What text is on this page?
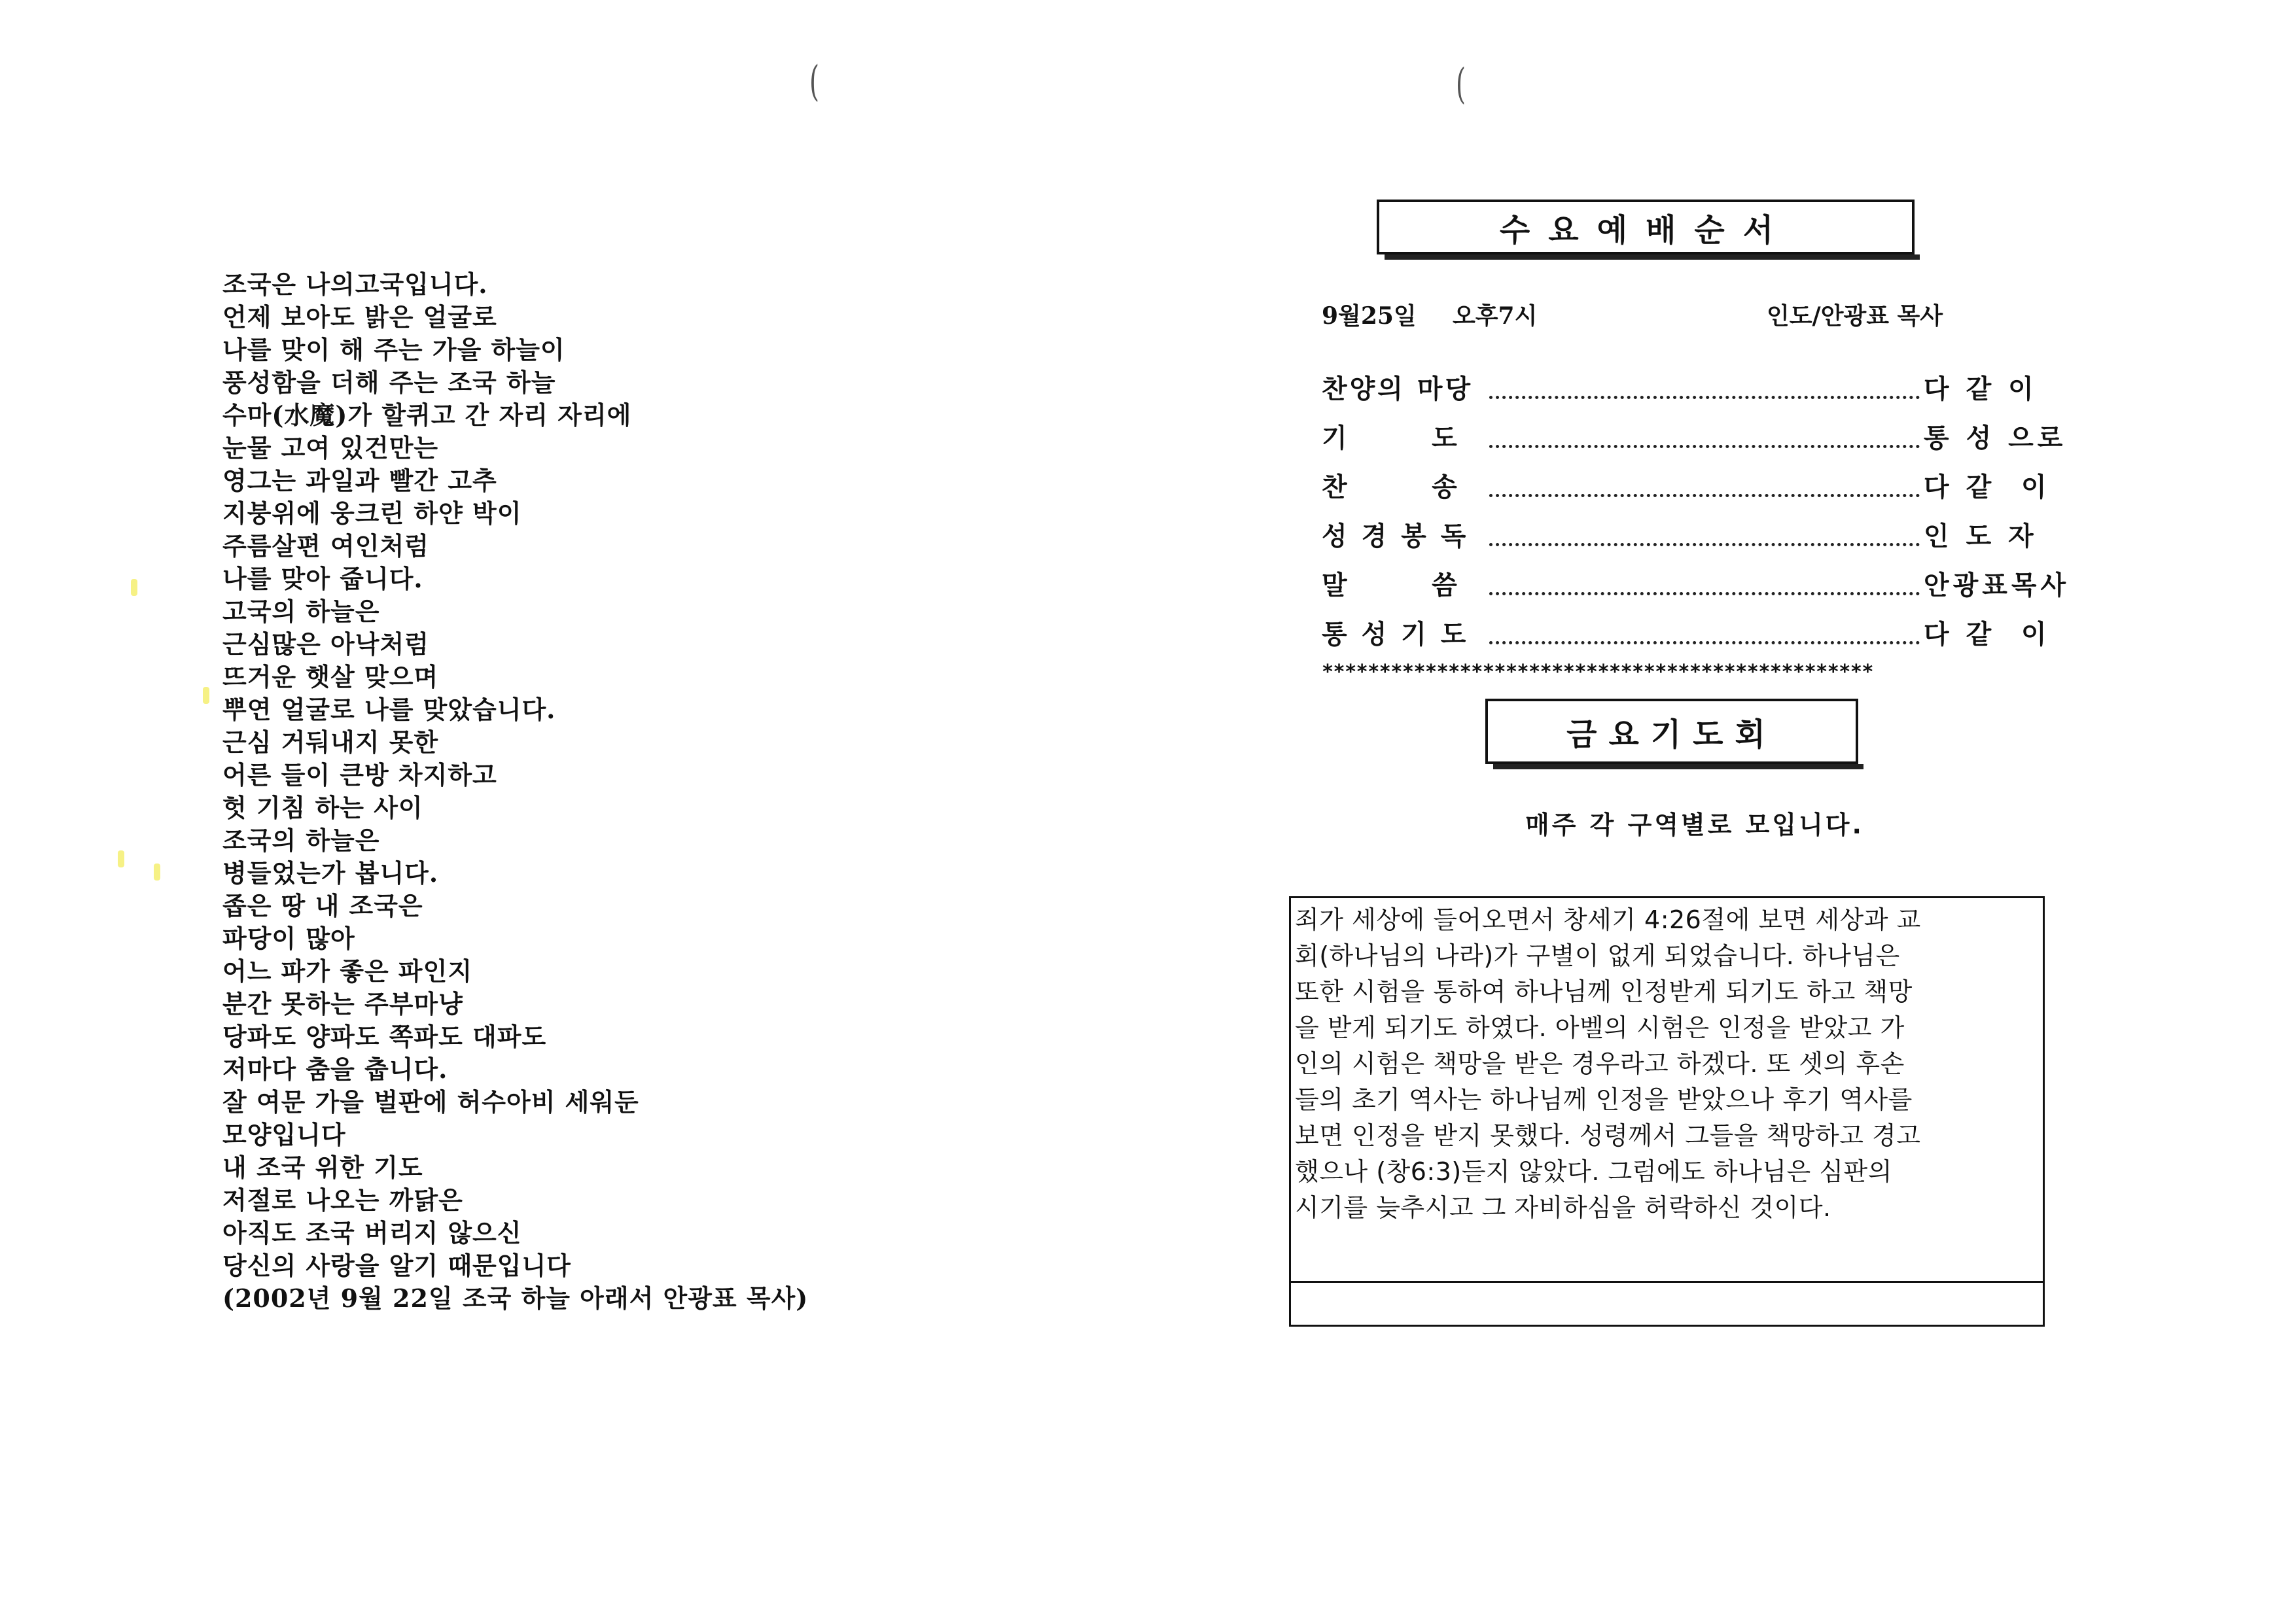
(	(
조국은 나의고국입니다.
언제 보아도 밝은 얼굴로
나를 맞이 해 주는 가을 하늘이
풍성함을 더해 주는 조국 하늘
수마(水魔)가 할퀴고 간 자리 자리에
눈물 고여 있건만는
영그는 과일과 빨간 고추
지붕위에 웅크린 하얀 박이
주름살편 여인처럼
나를 맞아 줍니다.
고국의 하늘은
근심많은 아낙처럼
뜨거운 햇살 맞으며
뿌연 얼굴로 나를 맞았습니다.
근심 거둬내지 못한
어른 들이 큰방 차지하고
헛 기침 하는 사이
조국의 하늘은
병들었는가 봅니다.
좁은 땅 내 조국은
파당이 많아
어느 파가 좋은 파인지
분간 못하는 주부마냥
당파도 양파도 쪽파도 대파도
저마다 춤을 춥니다.
잘 여문 가을 벌판에 허수아비 세워둔
모양입니다
내 조국 위한 기도
저절로 나오는 까닭은
아직도 조국 버리지 않으신
당신의 사랑을 알기 때문입니다
(2002년 9월 22일 조국 하늘 아래서 안광표 목사)
수요예배순서
9월25일 오후7시	인도/안광표 목사
찬양의 마당	다 같 이
기       도	통 성 으로
찬       송	다 같  이
성 경 봉 독	인 도 자
말       씀	안광표목사
통 성 기 도	다 같  이
************************************************
금요기도회
매주 각 구역별로 모입니다.
죄가 세상에 들어오면서 창세기 4:26절에 보면 세상과 교
회(하나님의 나라)가 구별이 없게 되었습니다. 하나님은
또한 시험을 통하여 하나님께 인정받게 되기도 하고 책망
을 받게 되기도 하였다. 아벨의 시험은 인정을 받았고 가
인의 시험은 책망을 받은 경우라고 하겠다. 또 셋의 후손
들의 초기 역사는 하나님께 인정을 받았으나 후기 역사를
보면 인정을 받지 못했다. 성령께서 그들을 책망하고 경고
했으나 (창6:3)듣지 않았다. 그럼에도 하나님은 심판의
시기를 늦추시고 그 자비하심을 허락하신 것이다.
